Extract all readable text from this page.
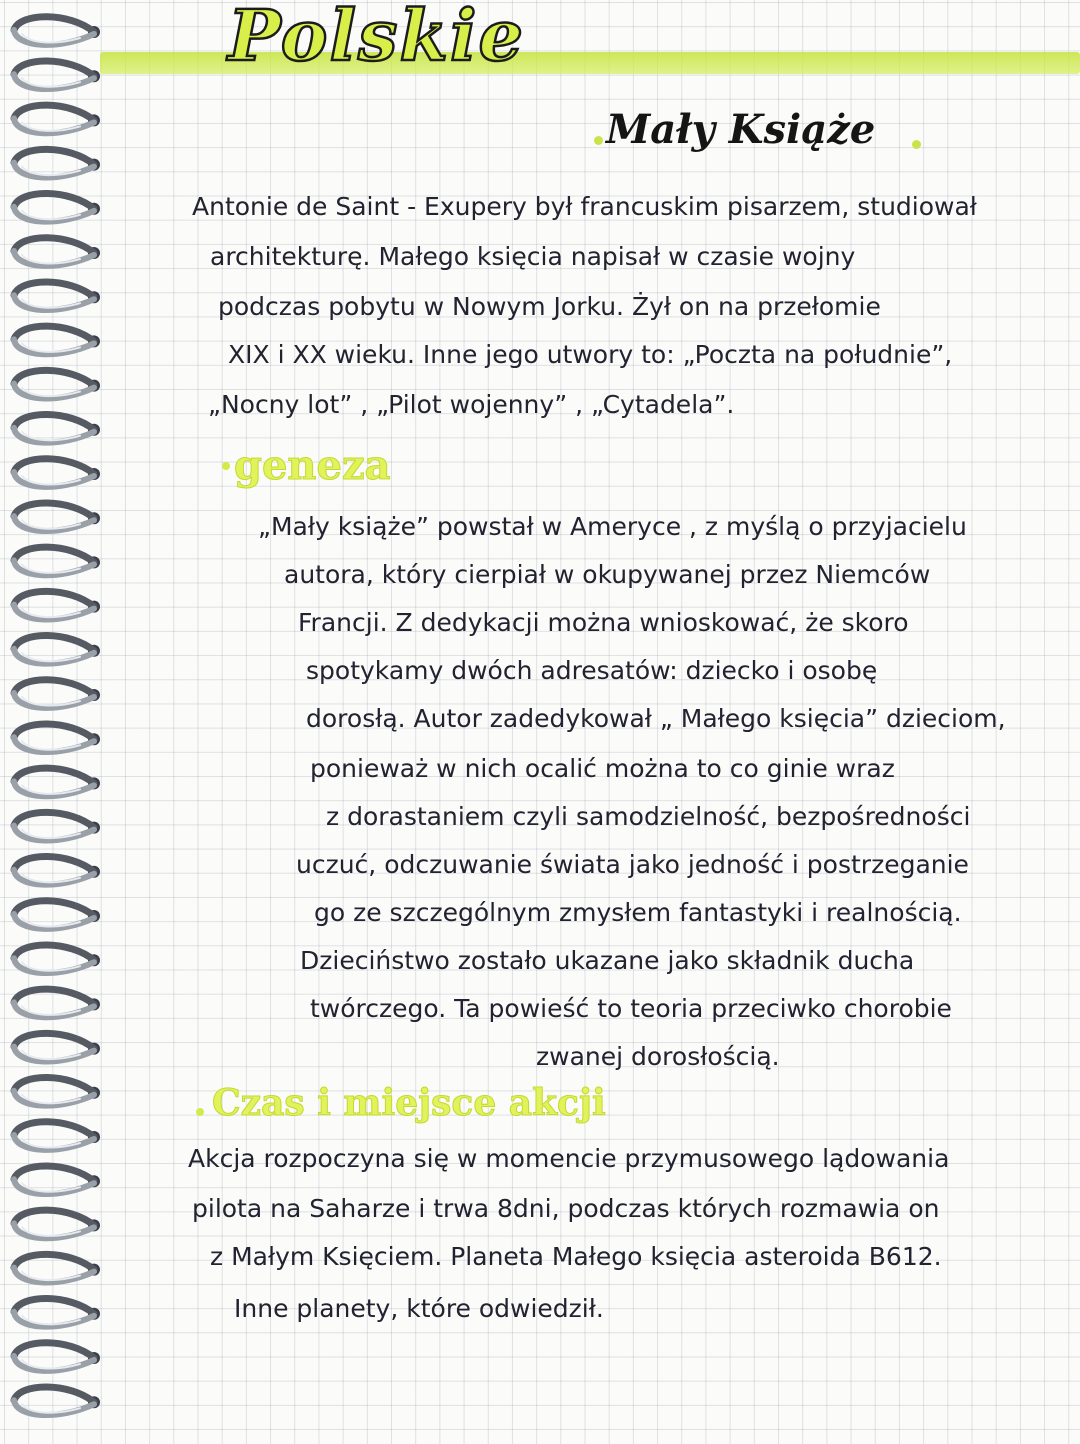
Polskie
Mały Książe

Antonie de Saint - Exupery był francuskim pisarzem, studiował

architekturę. Małego księcia napisał w czasie wojny

podczas pobytu w Nowym Jorku. Żył on na przełomie

XIX i XX wieku. Inne jego utwory to: „Poczta na południe”,

„Nocny lot” , „Pilot wojenny” , „Cytadela”.

geneza

„Mały książe” powstał w Ameryce , z myślą o przyjacielu

autora, który cierpiał w okupywanej przez Niemców

Francji. Z dedykacji można wnioskować, że skoro

spotykamy dwóch adresatów: dziecko i osobę

dorosłą. Autor zadedykował „ Małego księcia” dzieciom,

ponieważ w nich ocalić można to co ginie wraz

z dorastaniem czyli samodzielność, bezpośredności

uczuć, odczuwanie świata jako jedność i postrzeganie

go ze szczególnym zmysłem fantastyki i realnością.

Dzieciństwo zostało ukazane jako składnik ducha

twórczego. Ta powieść to teoria przeciwko chorobie

zwanej dorosłością.

Czas i miejsce akcji

Akcja rozpoczyna się w momencie przymusowego lądowania

pilota na Saharze i trwa 8dni, podczas których rozmawia on

z Małym Księciem. Planeta Małego księcia asteroida B612.

Inne planety, które odwiedził.
